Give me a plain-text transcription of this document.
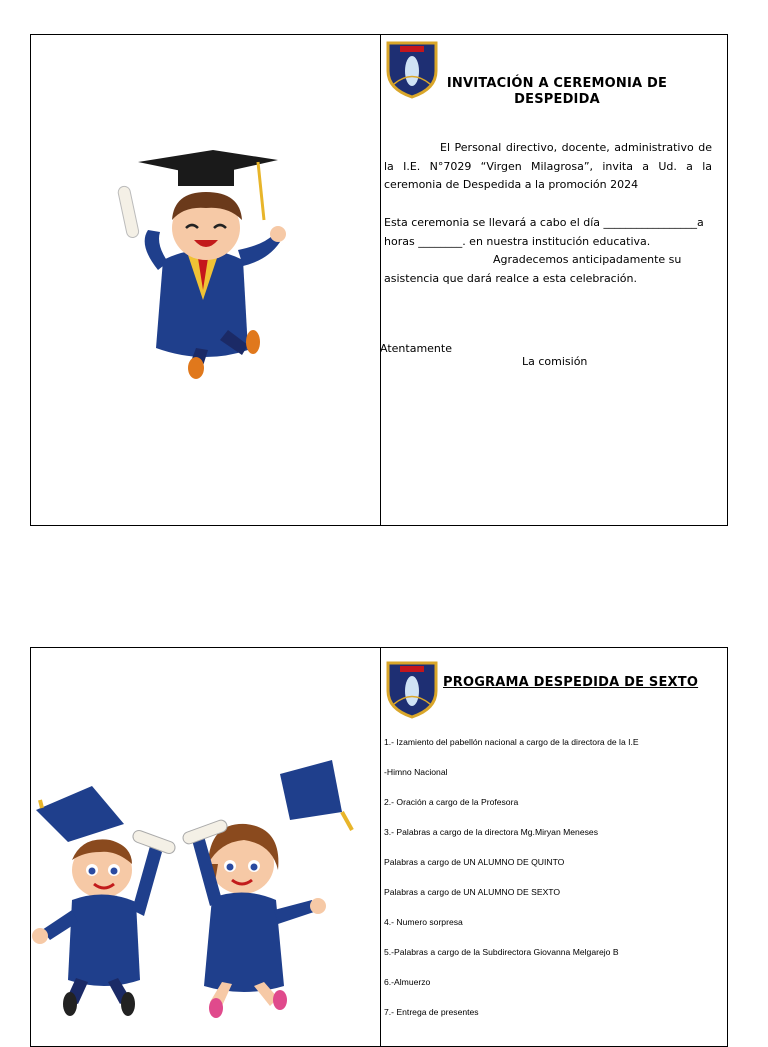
INVITACIÓN A CEREMONIA DE
DESPEDIDA
El Personal directivo, docente, administrativo de la I.E. N°7029 “Virgen Milagrosa”, invita a Ud. a la ceremonia de Despedida a la promoción 2024
Esta ceremonia se llevará a cabo el día _________________a
horas ________. en nuestra institución educativa.
Agradecemos anticipadamente su
asistencia que dará realce a esta celebración.
Atentamente
La comisión
PROGRAMA DESPEDIDA DE SEXTO
1.- Izamiento del pabellón nacional a cargo de la directora de la I.E
-Himno Nacional
2.- Oración a cargo de la Profesora
3.- Palabras a cargo de la directora Mg.Miryan Meneses
Palabras a cargo de UN ALUMNO DE QUINTO
Palabras a cargo de UN ALUMNO DE SEXTO
4.- Numero sorpresa
5.-Palabras a cargo de la Subdirectora Giovanna Melgarejo B
6.-Almuerzo
7.- Entrega de presentes
